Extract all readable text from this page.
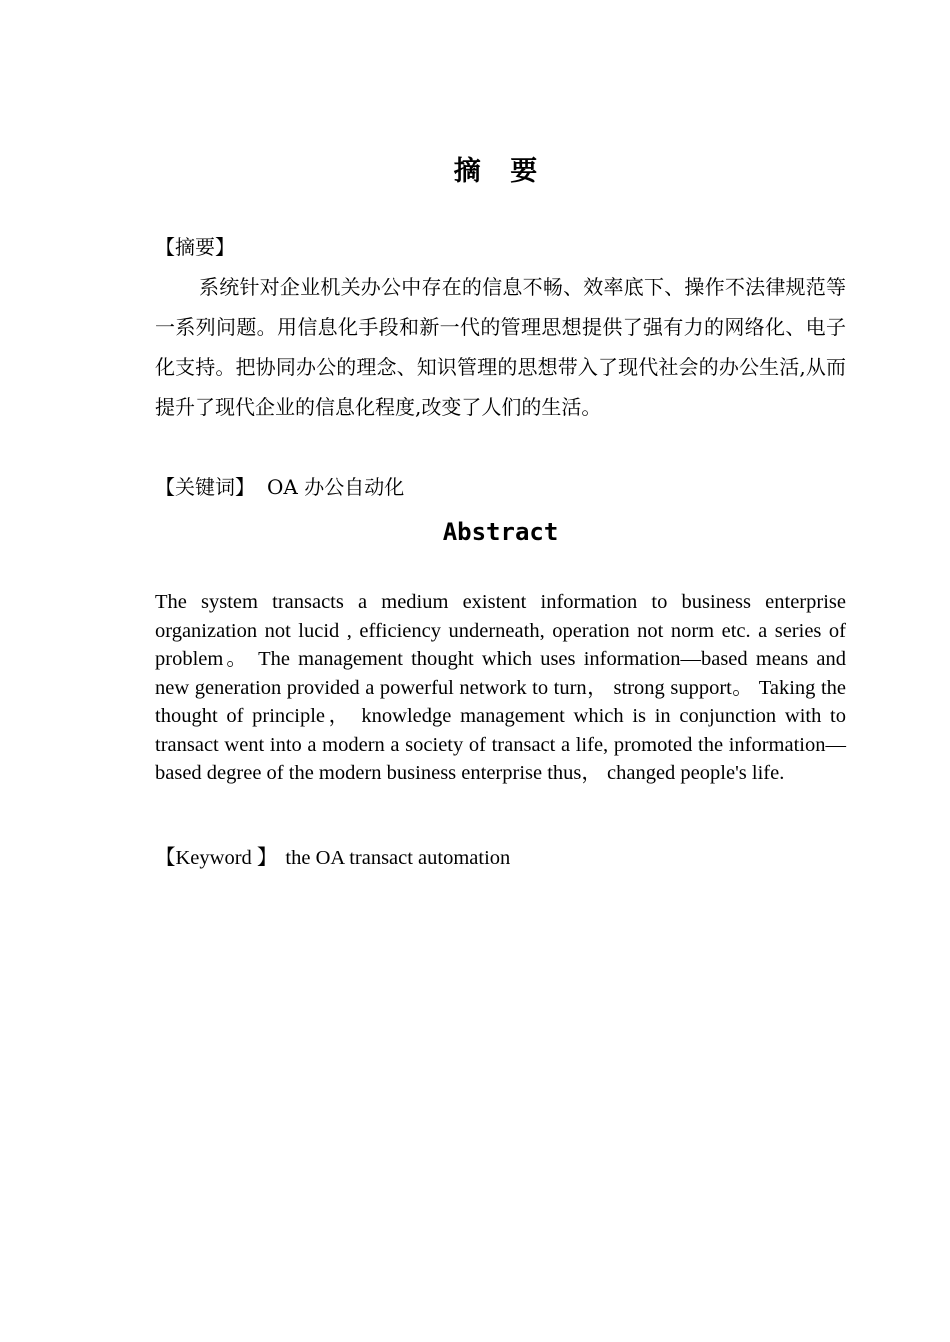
摘 要

【摘要】

系统针对企业机关办公中存在的信息不畅、效率底下、操作不法律规范等一系列问题。用信息化手段和新一代的管理思想提供了强有力的网络化、电子化支持。把协同办公的理念、知识管理的思想带入了现代社会的办公生活,从而提升了现代企业的信息化程度,改变了人们的生活。

【关键词】 OA 办公自动化

Abstract

The system transacts a medium existent information to business enterprise organization not lucid , efficiency underneath, operation not norm etc. a series of problem。 The management thought which uses information—based means and new generation provided a powerful network to turn， strong support。 Taking the thought of principle， knowledge management which is in conjunction with to transact went into a modern a society of transact a life, promoted the information—based degree of the modern business enterprise thus， changed people's life.

【Keyword 】 the OA transact automation
